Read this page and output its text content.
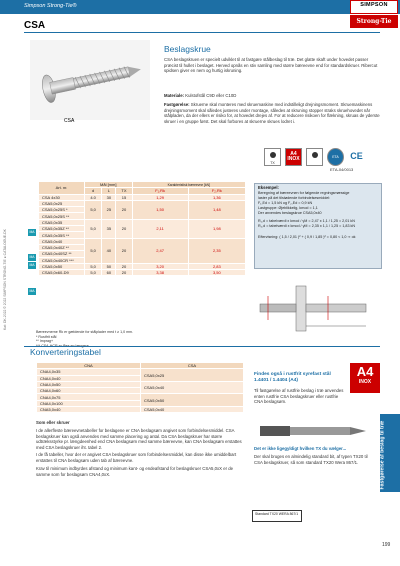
Simpson Strong-Tie®	SIMPSON
Strong-Tie
CSA
CSA
Beslagskrue
CSA beslagskruen er specielt udviklet til at fastgøre stålbeslag til træ. Det glatte skaft under hovedet passer præcist til hullet i beslaget. Herved opnås en stiv samling med større bæreevne end for standardskruer. Ribercut spidsen giver en nem og hurtig iskruning.
Materiale: Kulstofstål C9D eller C10D
Fastgørelse: Skruerne skal monteres med skruemaskine med indstilleligt drejningsmoment. Skruemaskinens drejningsmoment skal således justeres under montage, således at skruning stopper straks skruehovedet når stålpladen, da der ellers er risiko for, at hovedet drejes af. For at reducere risikoen for flækning, skruas de yderste skruer i en gruppe først. Det skal forbores at skruerne skrues lodret i.
TX
A4 INOX	ETA	CE
ETA-04/0013
Art. nr.	Mål [mm]			Karakteristisk bæreevne [kN]	
	d	L	TX	F₁,Rk	F₂,Rk
CSA 4x30	4.0	30	15	1,29	1,36
CSA5,0x25	5,0	25	20	1,50	1,48
CSA5,0x25S *					
CSA5,0x25S **					
CSA5,0x35	5,0	35	20	2,11	1,98
CSA5,0x35Z **					
CSA5,0x35S **					
CSA5,0x40	5,0	40	20	2,47	2,35
CSA5,0x40Z **					
CSA5,0x40SZ **					
CSA5,0x40CR ***					
CSA5,0x50	5,0	50	20	3,20	2,83
CSA5,0x60-D9	5,0	60	20	3,38	3,50
MA
MA
MA
MA
Kat: DK-2022 © 2022 SIMPSON STRONG-TIE ● CATALOGUE-DK
Eksempel:
Beregning af bæreevnen for følgende regningsmæssige
laster på det tilstødende forbindelsesmiddel:
F₁,Ed = 1,5 kN og F₂,Ed = 0,9 kN
Lastgruppe: Øjeblikkelig, kmod = 1,1
Der anvendes beslagskrue CSA5,0x40
R₁,d = tabelværdi x kmod / γM = 2,47 x 1,1 / 1,25 = 2,01 kN
R₂,d = tabelværdi x kmod / γM = 2,35 x 1,1 / 1,25 = 1,83 kN
Eftervisning: ( 1,5 / 2,01 )² + ( 0,9 / 1,85 )² = 0,80 < 1,0 ⇒ ok
Bæreevnerne Rk er gældende for stålplader med t ≥ 1,0 mm.
* Rustfrit stål
** Imprag+
Konverteringstabel
CNA	CSA
CNA4,0x35	CSA5,0x25
CNA4,0x40	
CNA4,0x50	CSA5,0x40
CNA4,0x60	
CNA4,0x75	CSA5,0x50
CNA4,0x100	
CNA5,0x40	CSA5,0x40
Som eller skruer
I de allerfleste bæreevnetabeller for beslagene er CNA beslagsøm angivet som forbindelsesmiddel. CSA beslagskruer kan også anvendes med samme placering og antal. Da CSA beslagskruer har større udtræksstyrke pr. længdeenhed end CNA beslagsøm med samme bæreevne, kan CNA beslagsøm erstattes med CSA beslagskruer iht. tabel 2.
I de få tabeller, hvor der er angivet CSA beslagskruer som forbindelsesmiddel, kan disse ikke umiddelbart erstattes til CNA beslagsøm uden tab af bæreevne.
Krav til minimum indbyrdes afstand og minimum kant- og endeafstand for beslagskruer CSA5,0xX er de samme som for beslagsøm CNA4,0xX.
Findes også i rustfrit syrefast stål
1.4401 / 1.4404 (A4)
Til fastgørelse af rustfrie beslag i træ anvendes enten rustfrie CSA beslagskruer eller rustfrie CNA beslagsøm.
A4
INOX
Det er ikke ligegyldigt hvilken TX du vælger...
Der skal bruges en almindelig standard bit, af typen TX20 til CSA beslagskruer, så som standard TX20 Wera 867/1.
Standard TX20 WERA 867/1
Fastgørelse af beslag til træ
199
